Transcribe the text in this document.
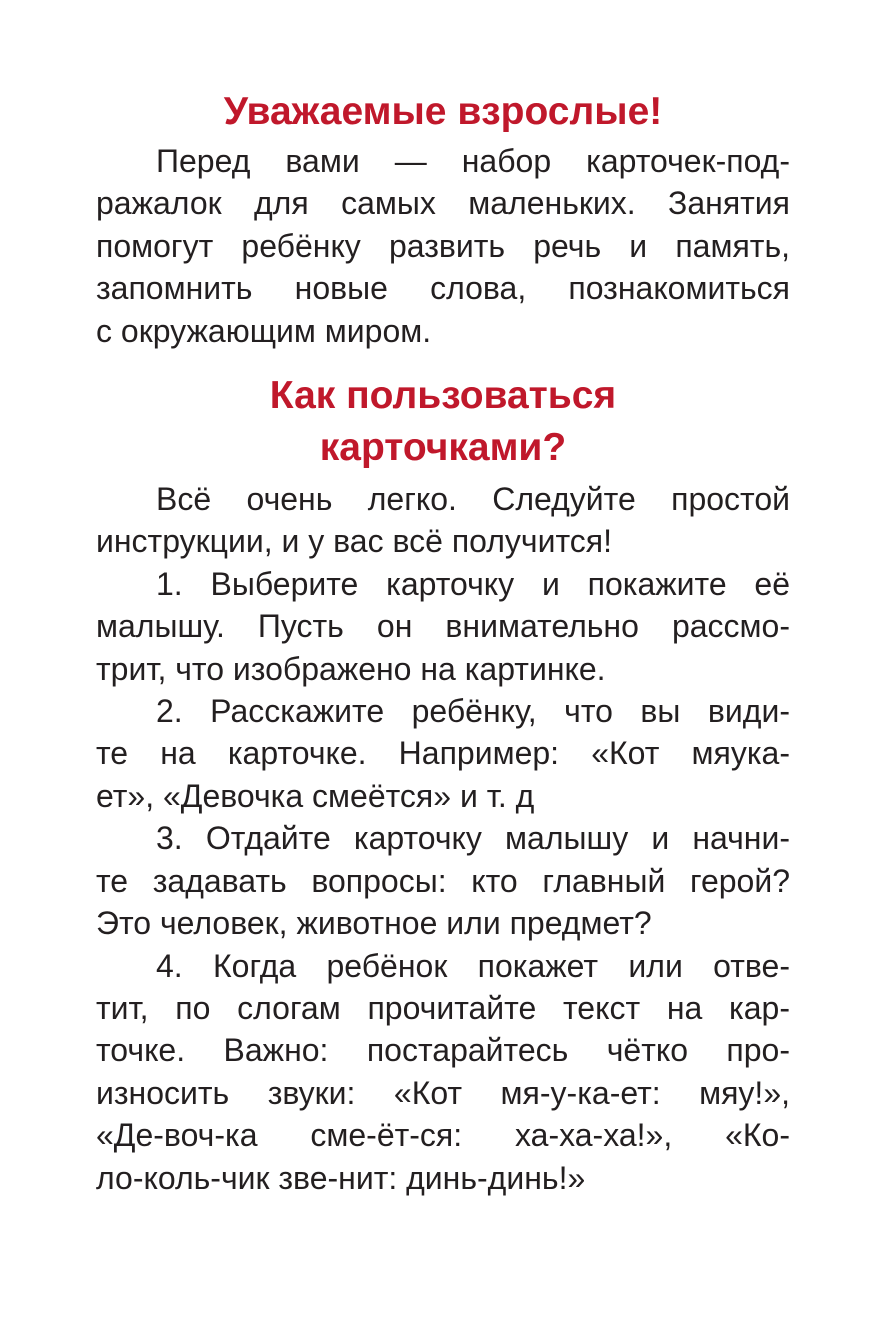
Уважаемые взрослые!
Перед вами — набор карточек-под-
ражалок для самых маленьких. Занятия
помогут ребёнку развить речь и память,
запомнить новые слова, познакомиться
с окружающим миром.
Как пользоваться
карточками?
Всё очень легко. Следуйте простой
инструкции, и у вас всё получится!
1. Выберите карточку и покажите её
малышу. Пусть он внимательно рассмо-
трит, что изображено на картинке.
2. Расскажите ребёнку, что вы види-
те на карточке. Например: «Кот мяука-
ет», «Девочка смеётся» и т. д
3. Отдайте карточку малышу и начни-
те задавать вопросы: кто главный герой?
Это человек, животное или предмет?
4. Когда ребёнок покажет или отве-
тит, по слогам прочитайте текст на кар-
точке. Важно: постарайтесь чётко про-
износить звуки: «Кот мя-у-ка-ет: мяу!»,
«Де-воч-ка сме-ёт-ся: ха-ха-ха!», «Ко-
ло-коль-чик зве-нит: динь-динь!»
